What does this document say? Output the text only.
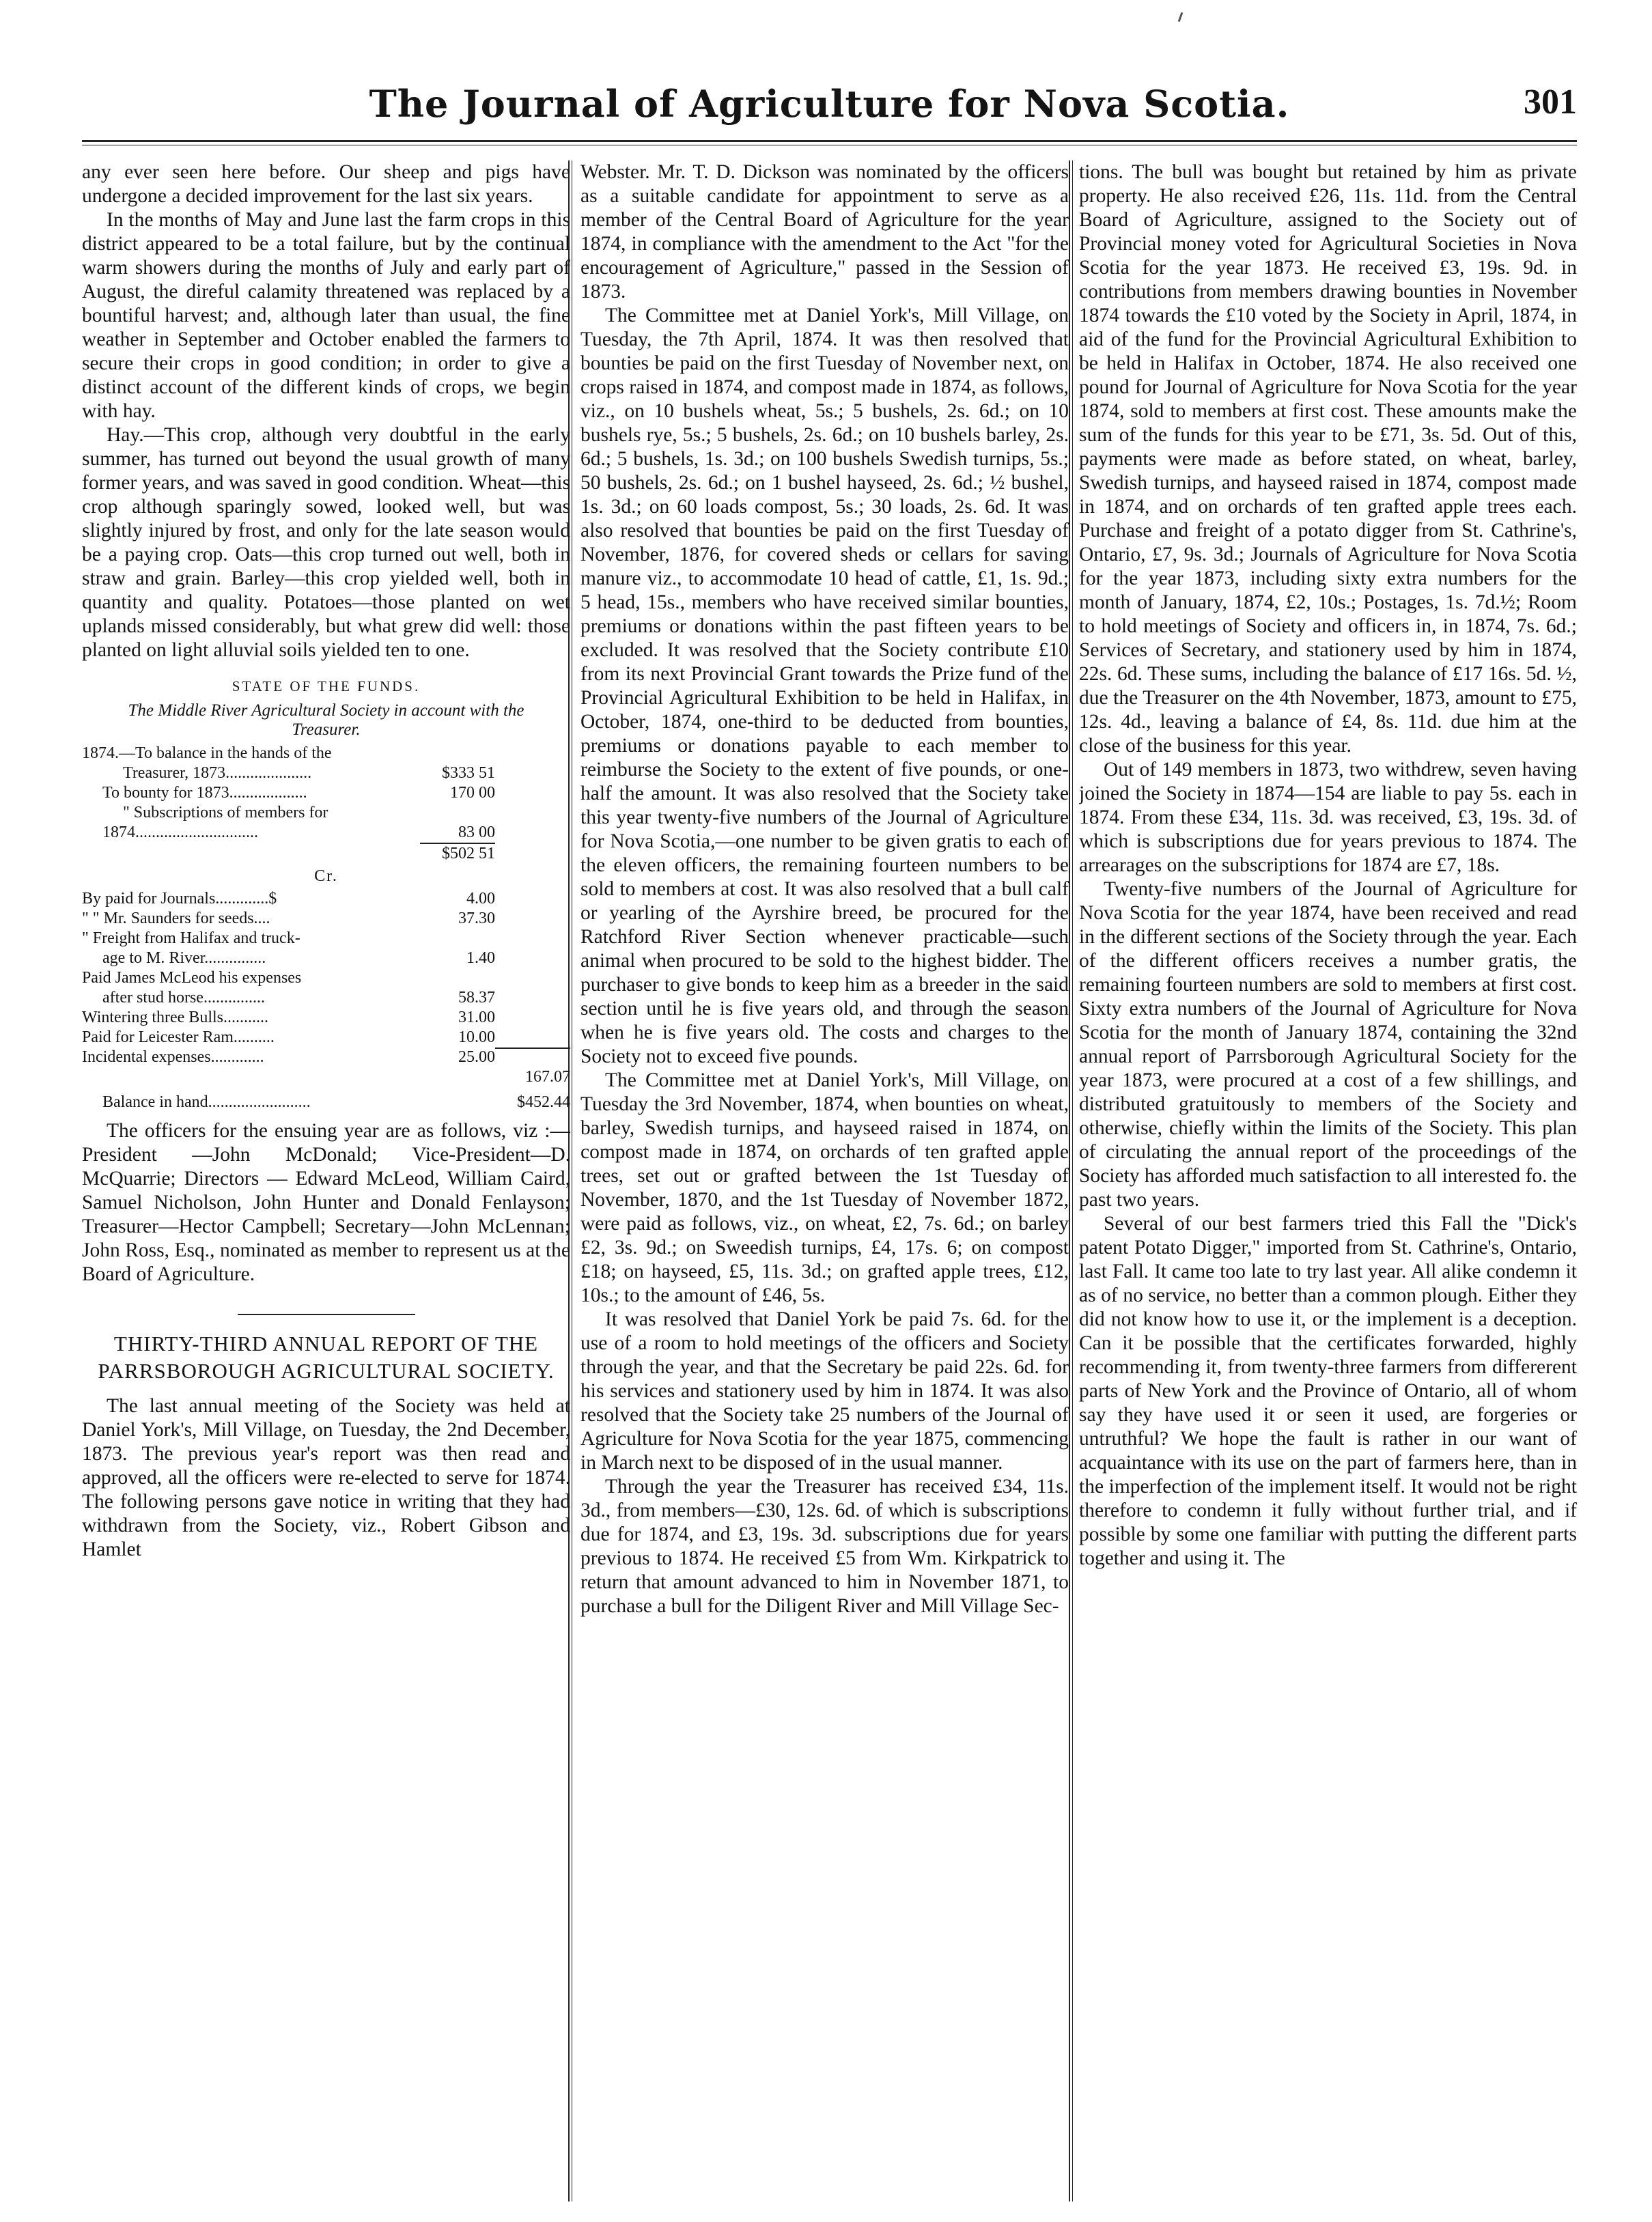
The Journal of Agriculture for Nova Scotia.	301

any ever seen here before. Our sheep and pigs have undergone a decided improvement for the last six years.

In the months of May and June last the farm crops in this district appeared to be a total failure, but by the continual warm showers during the months of July and early part of August, the direful calamity threatened was replaced by a bountiful harvest; and, although later than usual, the fine weather in September and October enabled the farmers to secure their crops in good condition; in order to give a distinct account of the different kinds of crops, we begin with hay.

Hay.—This crop, although very doubtful in the early summer, has turned out beyond the usual growth of many former years, and was saved in good condition. Wheat—this crop although sparingly sowed, looked well, but was slightly injured by frost, and only for the late season would be a paying crop. Oats—this crop turned out well, both in straw and grain. Barley—this crop yielded well, both in quantity and quality. Potatoes—those planted on wet uplands missed considerably, but what grew did well: those planted on light alluvial soils yielded ten to one.

STATE OF THE FUNDS.
The Middle River Agricultural Society in account with the Treasurer.
1874.—To balance in the hands of the
Treasurer, 1873.....................	$333 51
To bounty for 1873...................	170 00
" Subscriptions of members for
1874..............................	83 00
$502 51
Cr.
By paid for Journals.............$	4.00
" " Mr. Saunders for seeds....	37.30
" Freight from Halifax and truck-
age to M. River...............	1.40
Paid James McLeod his expenses
after stud horse...............	58.37
Wintering three Bulls...........	31.00
Paid for Leicester Ram..........	10.00
Incidental expenses.............	25.00
167.07
Balance in hand.........................	$452.44

The officers for the ensuing year are as follows, viz :—President —John McDonald; Vice-President—D. McQuarrie; Directors — Edward McLeod, William Caird, Samuel Nicholson, John Hunter and Donald Fenlayson; Treasurer—Hector Campbell; Secretary—John McLennan; John Ross, Esq., nominated as member to represent us at the Board of Agriculture.

THIRTY-THIRD ANNUAL REPORT OF THE PARRSBOROUGH AGRICULTURAL SOCIETY.

The last annual meeting of the Society was held at Daniel York's, Mill Village, on Tuesday, the 2nd December, 1873. The previous year's report was then read and approved, all the officers were re-elected to serve for 1874. The following persons gave notice in writing that they had withdrawn from the Society, viz., Robert Gibson and Hamlet

Webster. Mr. T. D. Dickson was nominated by the officers as a suitable candidate for appointment to serve as a member of the Central Board of Agriculture for the year 1874, in compliance with the amendment to the Act "for the encouragement of Agriculture," passed in the Session of 1873.

The Committee met at Daniel York's, Mill Village, on Tuesday, the 7th April, 1874. It was then resolved that bounties be paid on the first Tuesday of November next, on crops raised in 1874, and compost made in 1874, as follows, viz., on 10 bushels wheat, 5s.; 5 bushels, 2s. 6d.; on 10 bushels rye, 5s.; 5 bushels, 2s. 6d.; on 10 bushels barley, 2s. 6d.; 5 bushels, 1s. 3d.; on 100 bushels Swedish turnips, 5s.; 50 bushels, 2s. 6d.; on 1 bushel hayseed, 2s. 6d.; ½ bushel, 1s. 3d.; on 60 loads compost, 5s.; 30 loads, 2s. 6d. It was also resolved that bounties be paid on the first Tuesday of November, 1876, for covered sheds or cellars for saving manure viz., to accommodate 10 head of cattle, £1, 1s. 9d.; 5 head, 15s., members who have received similar bounties, premiums or donations within the past fifteen years to be excluded. It was resolved that the Society contribute £10 from its next Provincial Grant towards the Prize fund of the Provincial Agricultural Exhibition to be held in Halifax, in October, 1874, one-third to be deducted from bounties, premiums or donations payable to each member to reimburse the Society to the extent of five pounds, or one-half the amount. It was also resolved that the Society take this year twenty-five numbers of the Journal of Agriculture for Nova Scotia,—one number to be given gratis to each of the eleven officers, the remaining fourteen numbers to be sold to members at cost. It was also resolved that a bull calf or yearling of the Ayrshire breed, be procured for the Ratchford River Section whenever practicable—such animal when procured to be sold to the highest bidder. The purchaser to give bonds to keep him as a breeder in the said section until he is five years old, and through the season when he is five years old. The costs and charges to the Society not to exceed five pounds.

The Committee met at Daniel York's, Mill Village, on Tuesday the 3rd November, 1874, when bounties on wheat, barley, Swedish turnips, and hayseed raised in 1874, on compost made in 1874, on orchards of ten grafted apple trees, set out or grafted between the 1st Tuesday of November, 1870, and the 1st Tuesday of November 1872, were paid as follows, viz., on wheat, £2, 7s. 6d.; on barley £2, 3s. 9d.; on Sweedish turnips, £4, 17s. 6; on compost £18; on hayseed, £5, 11s. 3d.; on grafted apple trees, £12, 10s.; to the amount of £46, 5s.

It was resolved that Daniel York be paid 7s. 6d. for the use of a room to hold meetings of the officers and Society through the year, and that the Secretary be paid 22s. 6d. for his services and stationery used by him in 1874. It was also resolved that the Society take 25 numbers of the Journal of Agriculture for Nova Scotia for the year 1875, commencing in March next to be disposed of in the usual manner.

Through the year the Treasurer has received £34, 11s. 3d., from members—£30, 12s. 6d. of which is subscriptions due for 1874, and £3, 19s. 3d. subscriptions due for years previous to 1874. He received £5 from Wm. Kirkpatrick to return that amount advanced to him in November 1871, to purchase a bull for the Diligent River and Mill Village Sec-

tions. The bull was bought but retained by him as private property. He also received £26, 11s. 11d. from the Central Board of Agriculture, assigned to the Society out of Provincial money voted for Agricultural Societies in Nova Scotia for the year 1873. He received £3, 19s. 9d. in contributions from members drawing bounties in November 1874 towards the £10 voted by the Society in April, 1874, in aid of the fund for the Provincial Agricultural Exhibition to be held in Halifax in October, 1874. He also received one pound for Journal of Agriculture for Nova Scotia for the year 1874, sold to members at first cost. These amounts make the sum of the funds for this year to be £71, 3s. 5d. Out of this, payments were made as before stated, on wheat, barley, Swedish turnips, and hayseed raised in 1874, compost made in 1874, and on orchards of ten grafted apple trees each. Purchase and freight of a potato digger from St. Cathrine's, Ontario, £7, 9s. 3d.; Journals of Agriculture for Nova Scotia for the year 1873, including sixty extra numbers for the month of January, 1874, £2, 10s.; Postages, 1s. 7d.½; Room to hold meetings of Society and officers in, in 1874, 7s. 6d.; Services of Secretary, and stationery used by him in 1874, 22s. 6d. These sums, including the balance of £17 16s. 5d. ½, due the Treasurer on the 4th November, 1873, amount to £75, 12s. 4d., leaving a balance of £4, 8s. 11d. due him at the close of the business for this year.

Out of 149 members in 1873, two withdrew, seven having joined the Society in 1874—154 are liable to pay 5s. each in 1874. From these £34, 11s. 3d. was received, £3, 19s. 3d. of which is subscriptions due for years previous to 1874. The arrearages on the subscriptions for 1874 are £7, 18s.

Twenty-five numbers of the Journal of Agriculture for Nova Scotia for the year 1874, have been received and read in the different sections of the Society through the year. Each of the different officers receives a number gratis, the remaining fourteen numbers are sold to members at first cost. Sixty extra numbers of the Journal of Agriculture for Nova Scotia for the month of January 1874, containing the 32nd annual report of Parrsborough Agricultural Society for the year 1873, were procured at a cost of a few shillings, and distributed gratuitously to members of the Society and otherwise, chiefly within the limits of the Society. This plan of circulating the annual report of the proceedings of the Society has afforded much satisfaction to all interested fo. the past two years.

Several of our best farmers tried this Fall the "Dick's patent Potato Digger," imported from St. Cathrine's, Ontario, last Fall. It came too late to try last year. All alike condemn it as of no service, no better than a common plough. Either they did not know how to use it, or the implement is a deception. Can it be possible that the certificates forwarded, highly recommending it, from twenty-three farmers from differerent parts of New York and the Province of Ontario, all of whom say they have used it or seen it used, are forgeries or untruthful? We hope the fault is rather in our want of acquaintance with its use on the part of farmers here, than in the imperfection of the implement itself. It would not be right therefore to condemn it fully without further trial, and if possible by some one familiar with putting the different parts together and using it. The
